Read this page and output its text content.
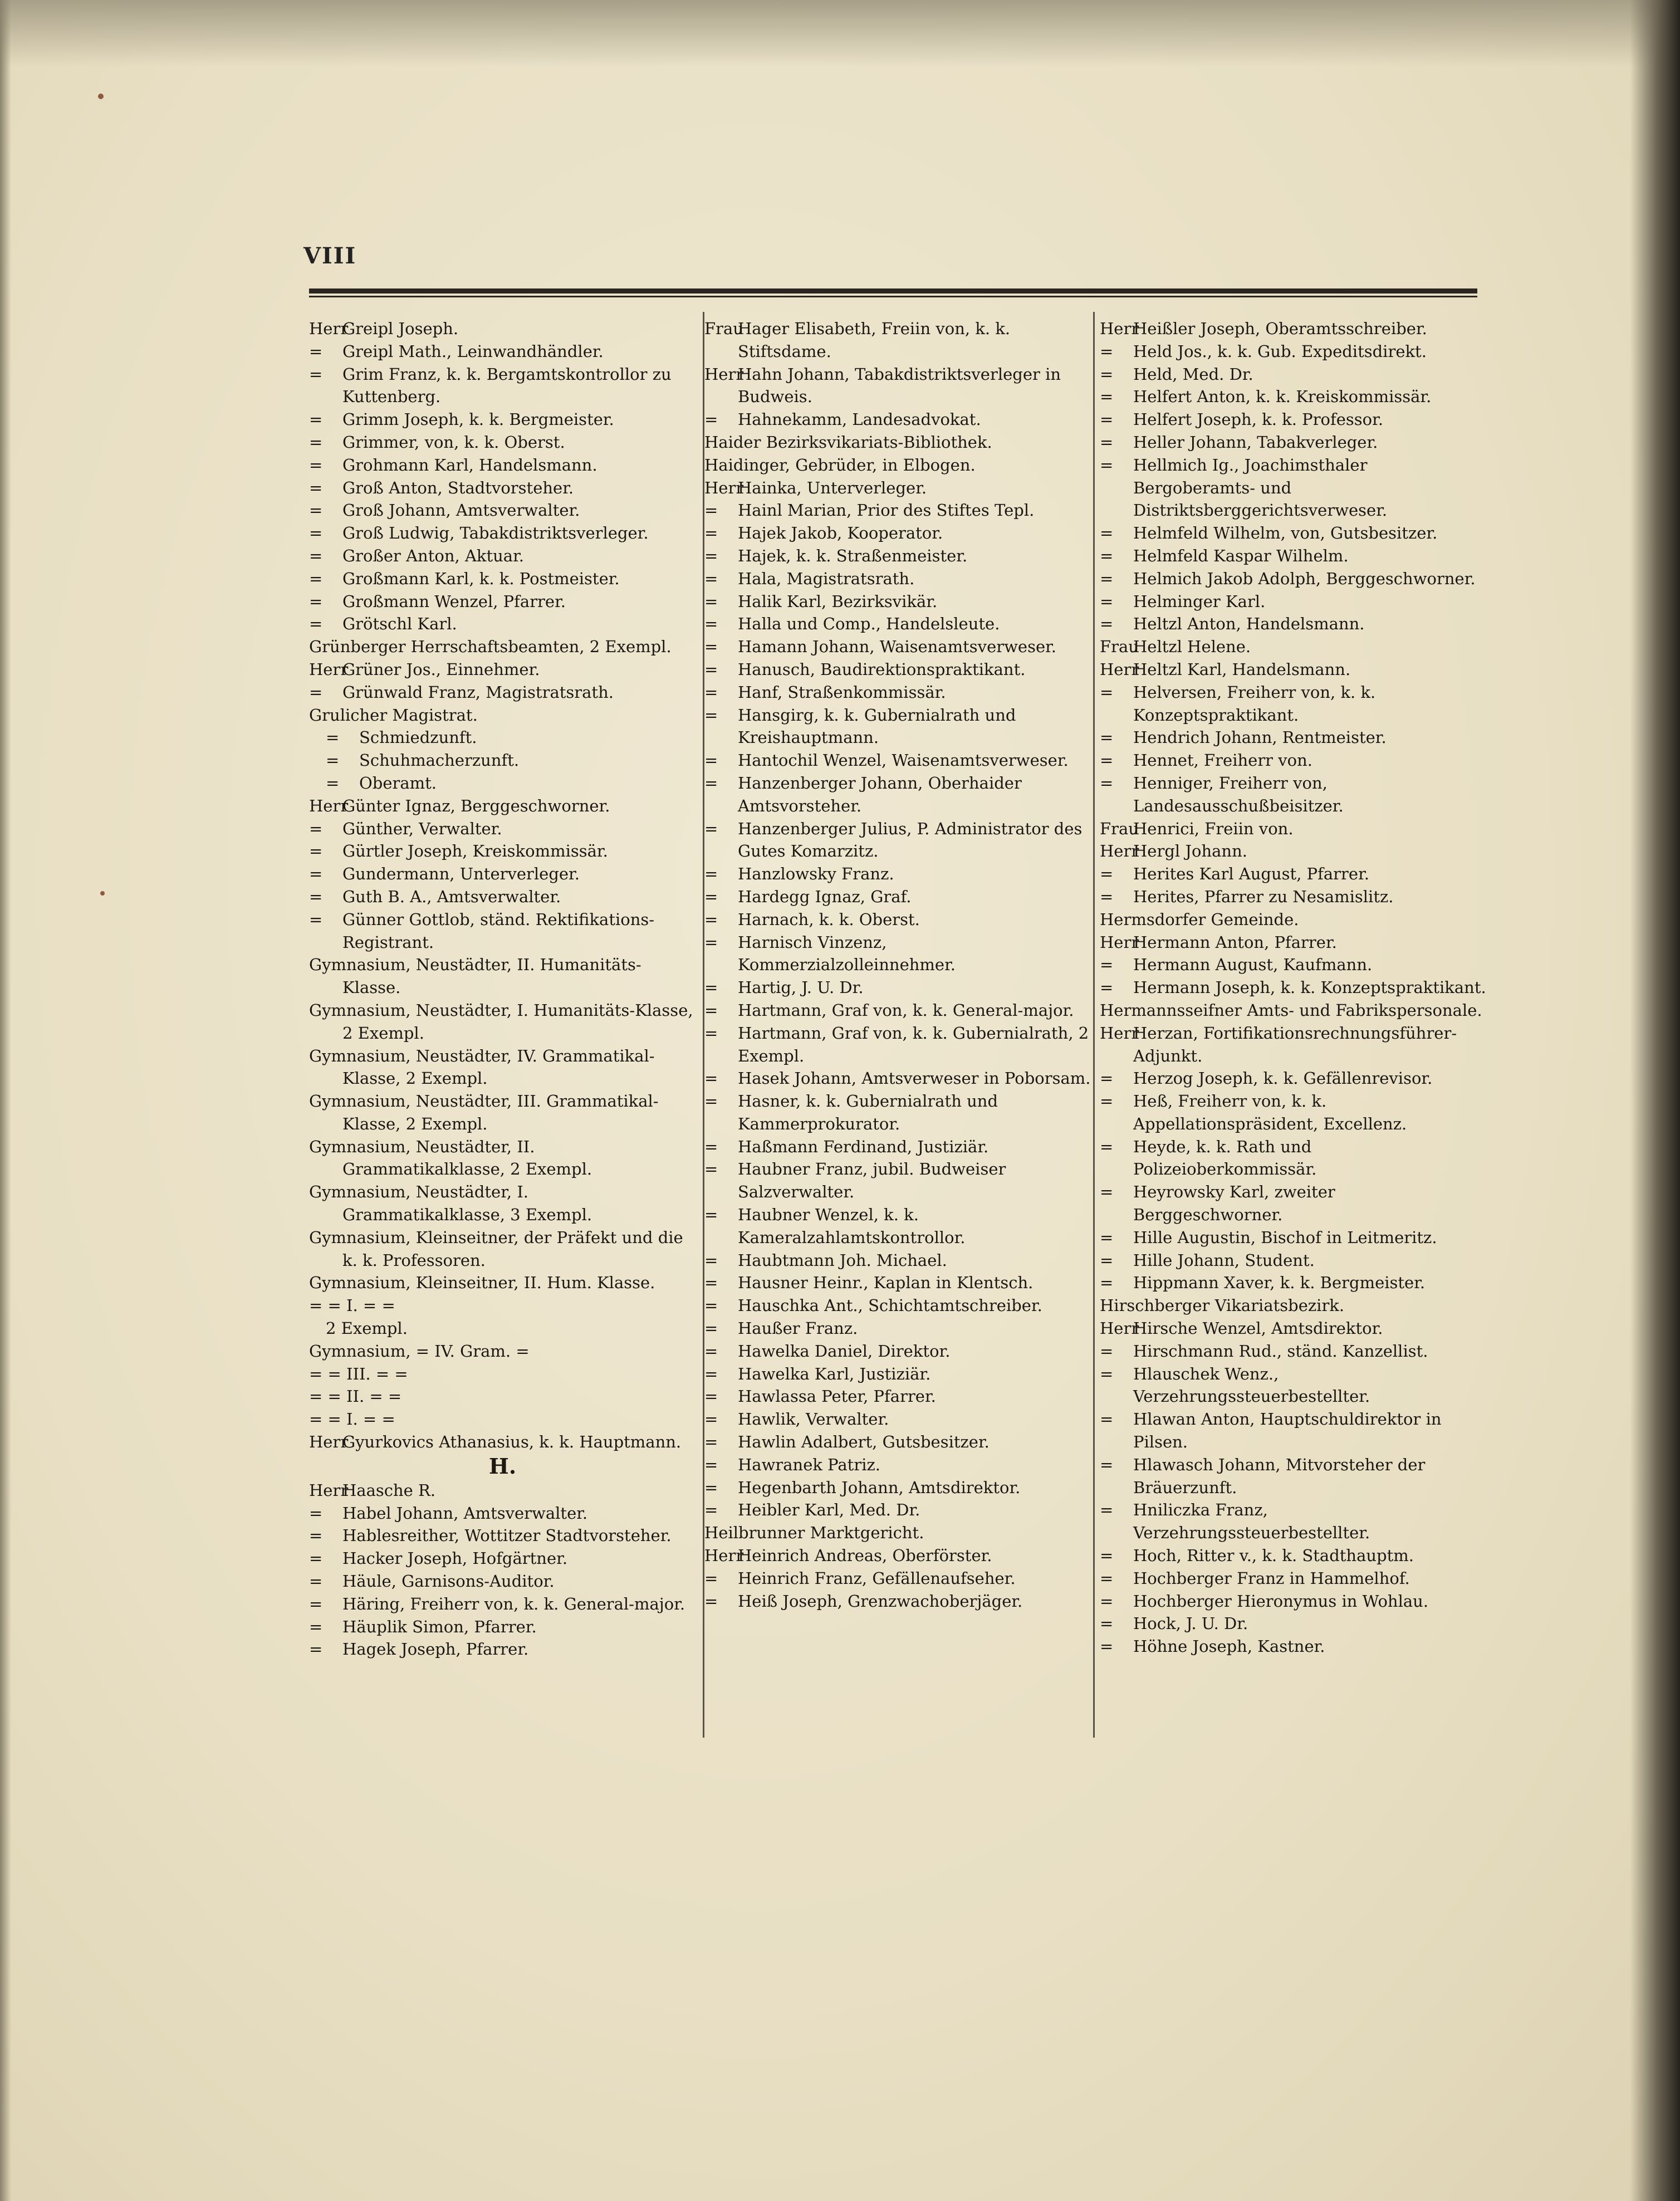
VIII
HerrGreipl Joseph.
= Greipl Math., Leinwandhändler.
= Grim Franz, k. k. Bergamtskontrollor zu Kuttenberg.
= Grimm Joseph, k. k. Bergmeister.
= Grimmer, von, k. k. Oberst.
= Grohmann Karl, Handelsmann.
= Groß Anton, Stadtvorsteher.
= Groß Johann, Amtsverwalter.
= Groß Ludwig, Tabakdistriktsverleger.
= Großer Anton, Aktuar.
= Großmann Karl, k. k. Postmeister.
= Großmann Wenzel, Pfarrer.
= Grötschl Karl.
Grünberger Herrschaftsbeamten, 2 Exempl.
HerrGrüner Jos., Einnehmer.
= Grünwald Franz, Magistratsrath.
Grulicher Magistrat.
= Schmiedzunft.
= Schuhmacherzunft.
= Oberamt.
HerrGünter Ignaz, Berggeschworner.
= Günther, Verwalter.
= Gürtler Joseph, Kreiskommissär.
= Gundermann, Unterverleger.
= Guth B. A., Amtsverwalter.
= Günner Gottlob, ständ. Rektifikations-Registrant.
Gymnasium, Neustädter, II. Humanitäts-Klasse.
Gymnasium, Neustädter, I. Humanitäts-Klasse, 2 Exempl.
Gymnasium, Neustädter, IV. Grammatikal-Klasse, 2 Exempl.
Gymnasium, Neustädter, III. Grammatikal-Klasse, 2 Exempl.
Gymnasium, Neustädter, II. Grammatikalklasse, 2 Exempl.
Gymnasium, Neustädter, I. Grammatikalklasse, 3 Exempl.
Gymnasium, Kleinseitner, der Präfekt und die k. k. Professoren.
Gymnasium, Kleinseitner, II. Hum. Klasse.
= = I. = =
2 Exempl.
Gymnasium, = IV. Gram. =
= = III. = =
= = II. = =
= = I. = =
HerrGyurkovics Athanasius, k. k. Hauptmann.
H.
HerrHaasche R.
= Habel Johann, Amtsverwalter.
= Hablesreither, Wottitzer Stadtvorsteher.
= Hacker Joseph, Hofgärtner.
= Häule, Garnisons-Auditor.
= Häring, Freiherr von, k. k. General-major.
= Häuplik Simon, Pfarrer.
= Hagek Joseph, Pfarrer.
FrauHager Elisabeth, Freiin von, k. k. Stiftsdame.
HerrHahn Johann, Tabakdistriktsverleger in Budweis.
= Hahnekamm, Landesadvokat.
Haider Bezirksvikariats-Bibliothek.
Haidinger, Gebrüder, in Elbogen.
HerrHainka, Unterverleger.
= Hainl Marian, Prior des Stiftes Tepl.
= Hajek Jakob, Kooperator.
= Hajek, k. k. Straßenmeister.
= Hala, Magistratsrath.
= Halik Karl, Bezirksvikär.
= Halla und Comp., Handelsleute.
= Hamann Johann, Waisenamtsverweser.
= Hanusch, Baudirektionspraktikant.
= Hanf, Straßenkommissär.
= Hansgirg, k. k. Gubernialrath und Kreishauptmann.
= Hantochil Wenzel, Waisenamtsverweser.
= Hanzenberger Johann, Oberhaider Amtsvorsteher.
= Hanzenberger Julius, P. Administrator des Gutes Komarzitz.
= Hanzlowsky Franz.
= Hardegg Ignaz, Graf.
= Harnach, k. k. Oberst.
= Harnisch Vinzenz, Kommerzialzolleinnehmer.
= Hartig, J. U. Dr.
= Hartmann, Graf von, k. k. General-major.
= Hartmann, Graf von, k. k. Gubernialrath, 2 Exempl.
= Hasek Johann, Amtsverweser in Poborsam.
= Hasner, k. k. Gubernialrath und Kammerprokurator.
= Haßmann Ferdinand, Justiziär.
= Haubner Franz, jubil. Budweiser Salzverwalter.
= Haubner Wenzel, k. k. Kameralzahlamtskontrollor.
= Haubtmann Joh. Michael.
= Hausner Heinr., Kaplan in Klentsch.
= Hauschka Ant., Schichtamtschreiber.
= Haußer Franz.
= Hawelka Daniel, Direktor.
= Hawelka Karl, Justiziär.
= Hawlassa Peter, Pfarrer.
= Hawlik, Verwalter.
= Hawlin Adalbert, Gutsbesitzer.
= Hawranek Patriz.
= Hegenbarth Johann, Amtsdirektor.
= Heibler Karl, Med. Dr.
Heilbrunner Marktgericht.
HerrHeinrich Andreas, Oberförster.
= Heinrich Franz, Gefällenaufseher.
= Heiß Joseph, Grenzwachoberjäger.
HerrHeißler Joseph, Oberamtsschreiber.
= Held Jos., k. k. Gub. Expeditsdirekt.
= Held, Med. Dr.
= Helfert Anton, k. k. Kreiskommissär.
= Helfert Joseph, k. k. Professor.
= Heller Johann, Tabakverleger.
= Hellmich Ig., Joachimsthaler Bergoberamts- und Distriktsberggerichtsverweser.
= Helmfeld Wilhelm, von, Gutsbesitzer.
= Helmfeld Kaspar Wilhelm.
= Helmich Jakob Adolph, Berggeschworner.
= Helminger Karl.
= Heltzl Anton, Handelsmann.
FrauHeltzl Helene.
HerrHeltzl Karl, Handelsmann.
= Helversen, Freiherr von, k. k. Konzeptspraktikant.
= Hendrich Johann, Rentmeister.
= Hennet, Freiherr von.
= Henniger, Freiherr von, Landesausschußbeisitzer.
FrauHenrici, Freiin von.
HerrHergl Johann.
= Herites Karl August, Pfarrer.
= Herites, Pfarrer zu Nesamislitz.
Hermsdorfer Gemeinde.
HerrHermann Anton, Pfarrer.
= Hermann August, Kaufmann.
= Hermann Joseph, k. k. Konzeptspraktikant.
Hermannsseifner Amts- und Fabrikspersonale.
HerrHerzan, Fortifikationsrechnungsführer-Adjunkt.
= Herzog Joseph, k. k. Gefällenrevisor.
= Heß, Freiherr von, k. k. Appellationspräsident, Excellenz.
= Heyde, k. k. Rath und Polizeioberkommissär.
= Heyrowsky Karl, zweiter Berggeschworner.
= Hille Augustin, Bischof in Leitmeritz.
= Hille Johann, Student.
= Hippmann Xaver, k. k. Bergmeister.
Hirschberger Vikariatsbezirk.
HerrHirsche Wenzel, Amtsdirektor.
= Hirschmann Rud., ständ. Kanzellist.
= Hlauschek Wenz., Verzehrungssteuerbestellter.
= Hlawan Anton, Hauptschuldirektor in Pilsen.
= Hlawasch Johann, Mitvorsteher der Bräuerzunft.
= Hniliczka Franz, Verzehrungssteuerbestellter.
= Hoch, Ritter v., k. k. Stadthauptm.
= Hochberger Franz in Hammelhof.
= Hochberger Hieronymus in Wohlau.
= Hock, J. U. Dr.
= Höhne Joseph, Kastner.
